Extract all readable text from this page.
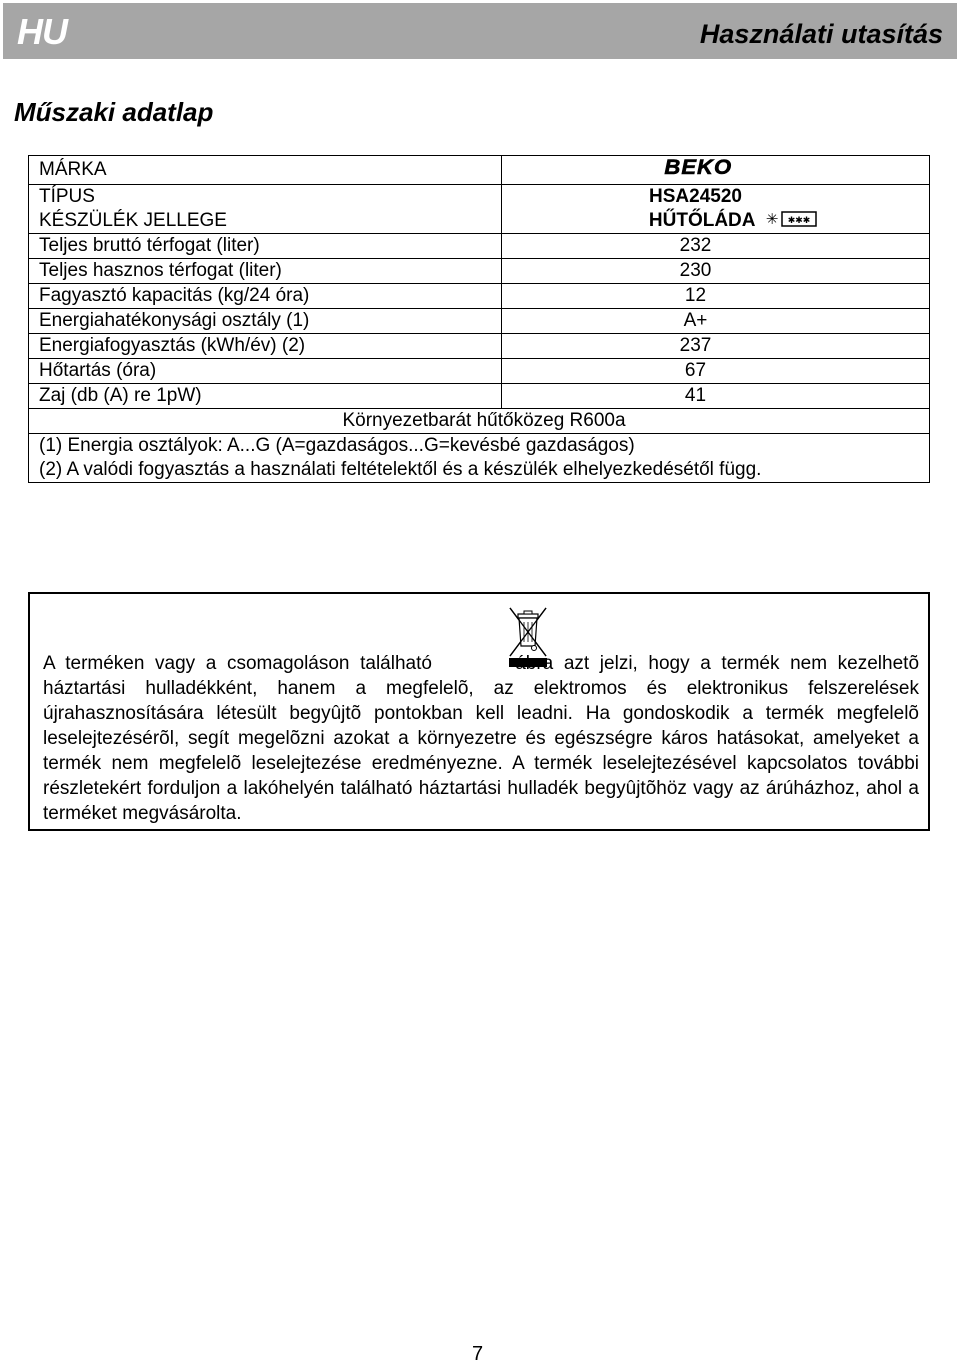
HU	Használati utasítás
Műszaki adatlap
MÁRKA	BEKO

TÍPUS	HSA24520
KÉSZÜLÉK JELLEGE	HŰTŐLÁDA ✳ ✱✱✱

Teljes bruttó térfogat (liter)	232
Teljes hasznos térfogat (liter)	230
Fagyasztó kapacitás (kg/24 óra)	12
Energiahatékonysági osztály (1)	A+
Energiafogyasztás (kWh/év) (2)	237
Hőtartás (óra)	67
Zaj (db (A) re 1pW)	41
Környezetbarát hűtőközeg R600a	
(1) Energia osztályok: A...G (A=gazdaságos...G=kevésbé gazdaságos)	
(2) A valódi fogyasztás a használati feltételektől és a készülék elhelyezkedésétől függ.	
A terméken vagy a csomagoláson található	ábra azt jelzi, hogy a termék nem kezelhetõ háztartási hulladékként, hanem a megfelelõ, az elektromos és elektronikus felszerelések újrahasznosítására létesült begyûjtõ pontokban kell leadni. Ha gondoskodik a termék megfelelõ leselejtezésérõl, segít megelõzni azokat a környezetre és egészségre káros hatásokat, amelyeket a termék nem megfelelõ leselejtezése eredményezne. A termék leselejtezésével kapcsolatos további részletekért forduljon a lakóhelyén található háztartási hulladék begyûjtõhöz vagy az árúházhoz, ahol a terméket megvásárolta.
7
